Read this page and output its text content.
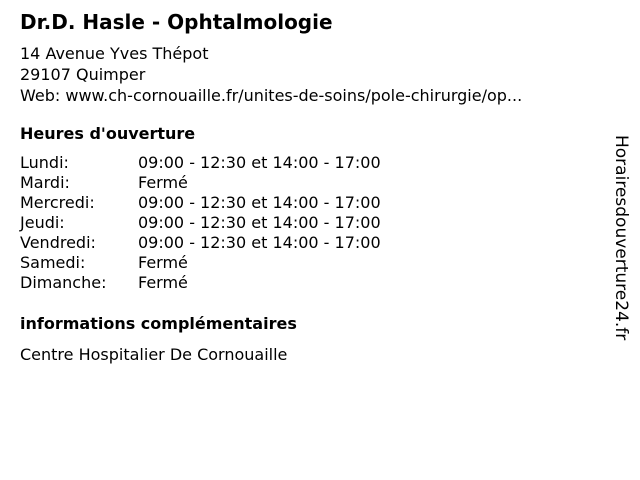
Dr.D. Hasle - Ophtalmologie
14 Avenue Yves Thépot
29107 Quimper
Web: www.ch-cornouaille.fr/unites-de-soins/pole-chirurgie/op...
Heures d'ouverture
Lundi:	09:00 - 12:30 et 14:00 - 17:00
Mardi:	Fermé
Mercredi:	09:00 - 12:30 et 14:00 - 17:00
Jeudi:	09:00 - 12:30 et 14:00 - 17:00
Vendredi:	09:00 - 12:30 et 14:00 - 17:00
Samedi:	Fermé
Dimanche:	Fermé
informations complémentaires
Centre Hospitalier De Cornouaille
Horairesdouverture24.fr
